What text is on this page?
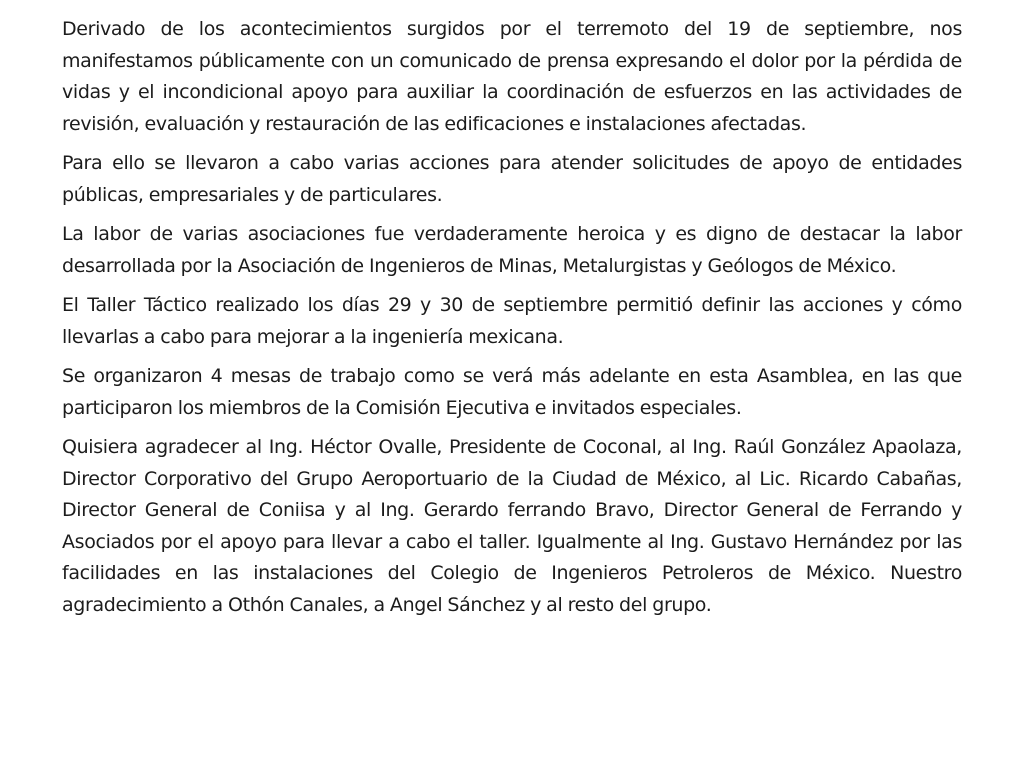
Derivado de los acontecimientos surgidos por el terremoto del 19 de septiembre, nos manifestamos públicamente con un comunicado de prensa expresando el dolor por la pérdida de vidas y el incondicional apoyo para auxiliar la coordinación de esfuerzos en las actividades de revisión, evaluación y restauración de las edificaciones e instalaciones afectadas.

Para ello se llevaron a cabo varias acciones para atender solicitudes de apoyo de entidades públicas, empresariales y de particulares.

La labor de varias asociaciones fue verdaderamente heroica y es digno de destacar la labor desarrollada por la Asociación de Ingenieros de Minas, Metalurgistas y Geólogos de México.

El Taller Táctico realizado los días 29 y 30 de septiembre permitió definir las acciones y cómo llevarlas a cabo para mejorar a la ingeniería mexicana.

Se organizaron 4 mesas de trabajo como se verá más adelante en esta Asamblea, en las que participaron los miembros de la Comisión Ejecutiva e invitados especiales.

Quisiera agradecer al Ing. Héctor Ovalle, Presidente de Coconal, al Ing. Raúl González Apaolaza, Director Corporativo del Grupo Aeroportuario de la Ciudad de México, al Lic. Ricardo Cabañas, Director General de Coniisa y al Ing. Gerardo ferrando Bravo, Director General de Ferrando y Asociados por el apoyo para llevar a cabo el taller. Igualmente al Ing. Gustavo Hernández por las facilidades en las instalaciones del Colegio de Ingenieros Petroleros de México. Nuestro agradecimiento a Othón Canales, a Angel Sánchez y al resto del grupo.
